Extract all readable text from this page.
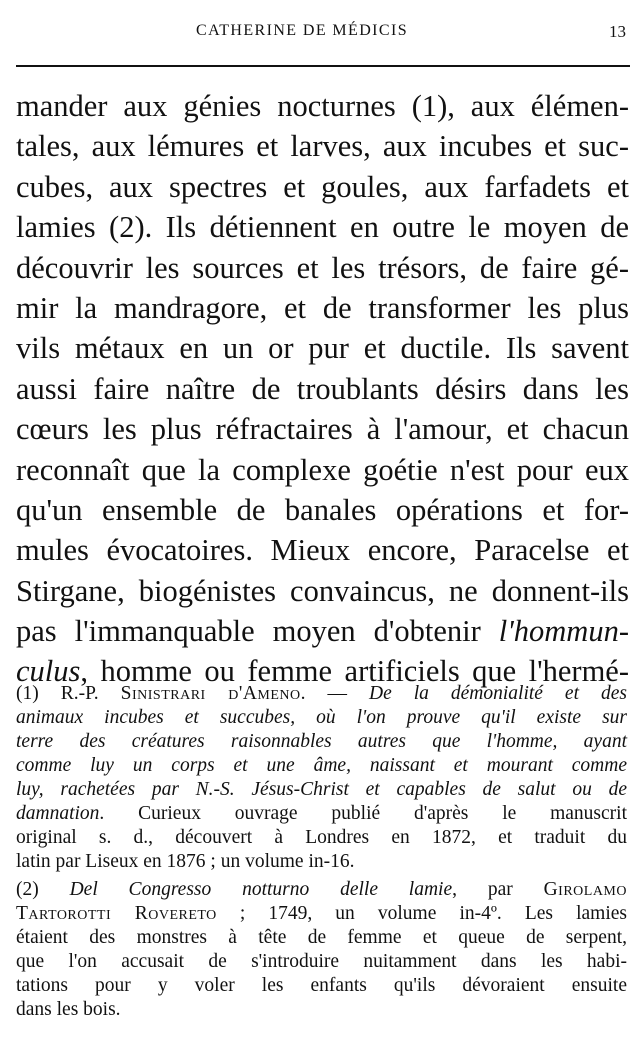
CATHERINE DE MÉDICIS	13
mander aux génies nocturnes (1), aux élémen-
tales, aux lémures et larves, aux incubes et suc-
cubes, aux spectres et goules, aux farfadets et
lamies (2). Ils détiennent en outre le moyen de
découvrir les sources et les trésors, de faire gé-
mir la mandragore, et de transformer les plus
vils métaux en un or pur et ductile. Ils savent
aussi faire naître de troublants désirs dans les
cœurs les plus réfractaires à l'amour, et chacun
reconnaît que la complexe goétie n'est pour eux
qu'un ensemble de banales opérations et for-
mules évocatoires. Mieux encore, Paracelse et
Stirgane, biogénistes convaincus, ne donnent-ils
pas l'immanquable moyen d'obtenir l'hommun-
culus, homme ou femme artificiels que l'hermé-
(1) R.-P. Sinistrari d'Ameno. — De la démonialité et des
animaux incubes et succubes, où l'on prouve qu'il existe sur
terre des créatures raisonnables autres que l'homme, ayant
comme luy un corps et une âme, naissant et mourant comme
luy, rachetées par N.-S. Jésus-Christ et capables de salut ou de
damnation. Curieux ouvrage publié d'après le manuscrit
original s. d., découvert à Londres en 1872, et traduit du
latin par Liseux en 1876 ; un volume in-16.
(2) Del Congresso notturno delle lamie, par Girolamo
Tartorotti Rovereto ; 1749, un volume in-4º. Les lamies
étaient des monstres à tête de femme et queue de serpent,
que l'on accusait de s'introduire nuitamment dans les habi-
tations pour y voler les enfants qu'ils dévoraient ensuite
dans les bois.
